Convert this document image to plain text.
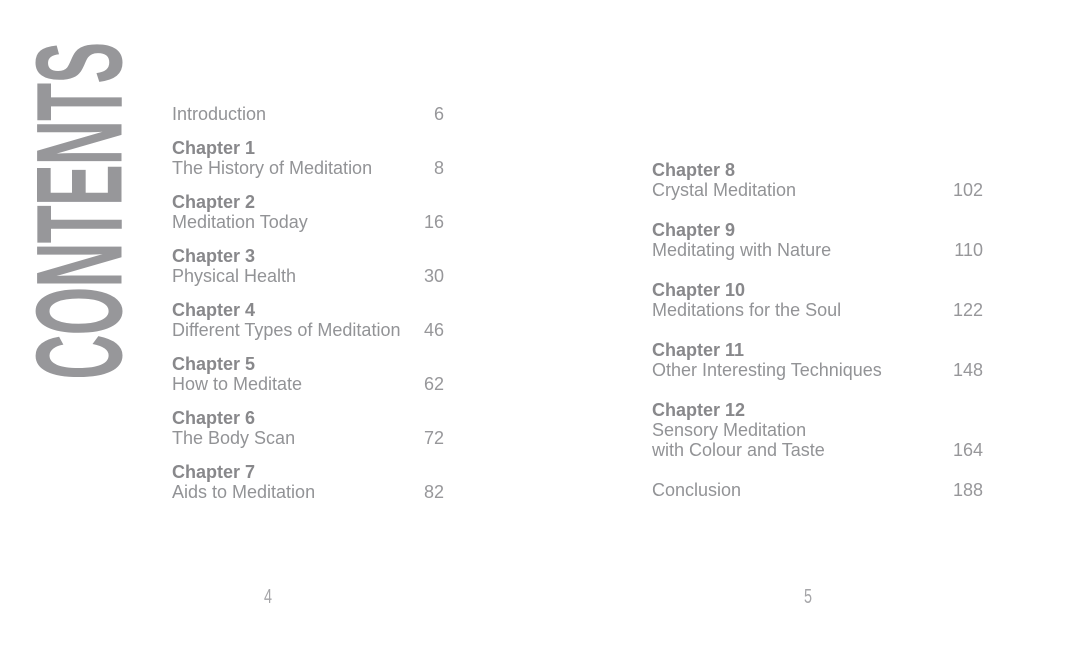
CONTENTS	Introduction	6
Chapter 1
The History of Meditation	8
Chapter 2
Meditation Today	16
Chapter 3
Physical Health	30
Chapter 4
Different Types of Meditation	46
Chapter 5
How to Meditate	62
Chapter 6
The Body Scan	72
Chapter 7
Aids to Meditation	82
Chapter 8
Crystal Meditation	102
Chapter 9
Meditating with Nature	110
Chapter 10
Meditations for the Soul	122
Chapter 11
Other Interesting Techniques	148
Chapter 12
Sensory Meditation
with Colour and Taste	164
Conclusion	188
4	5
